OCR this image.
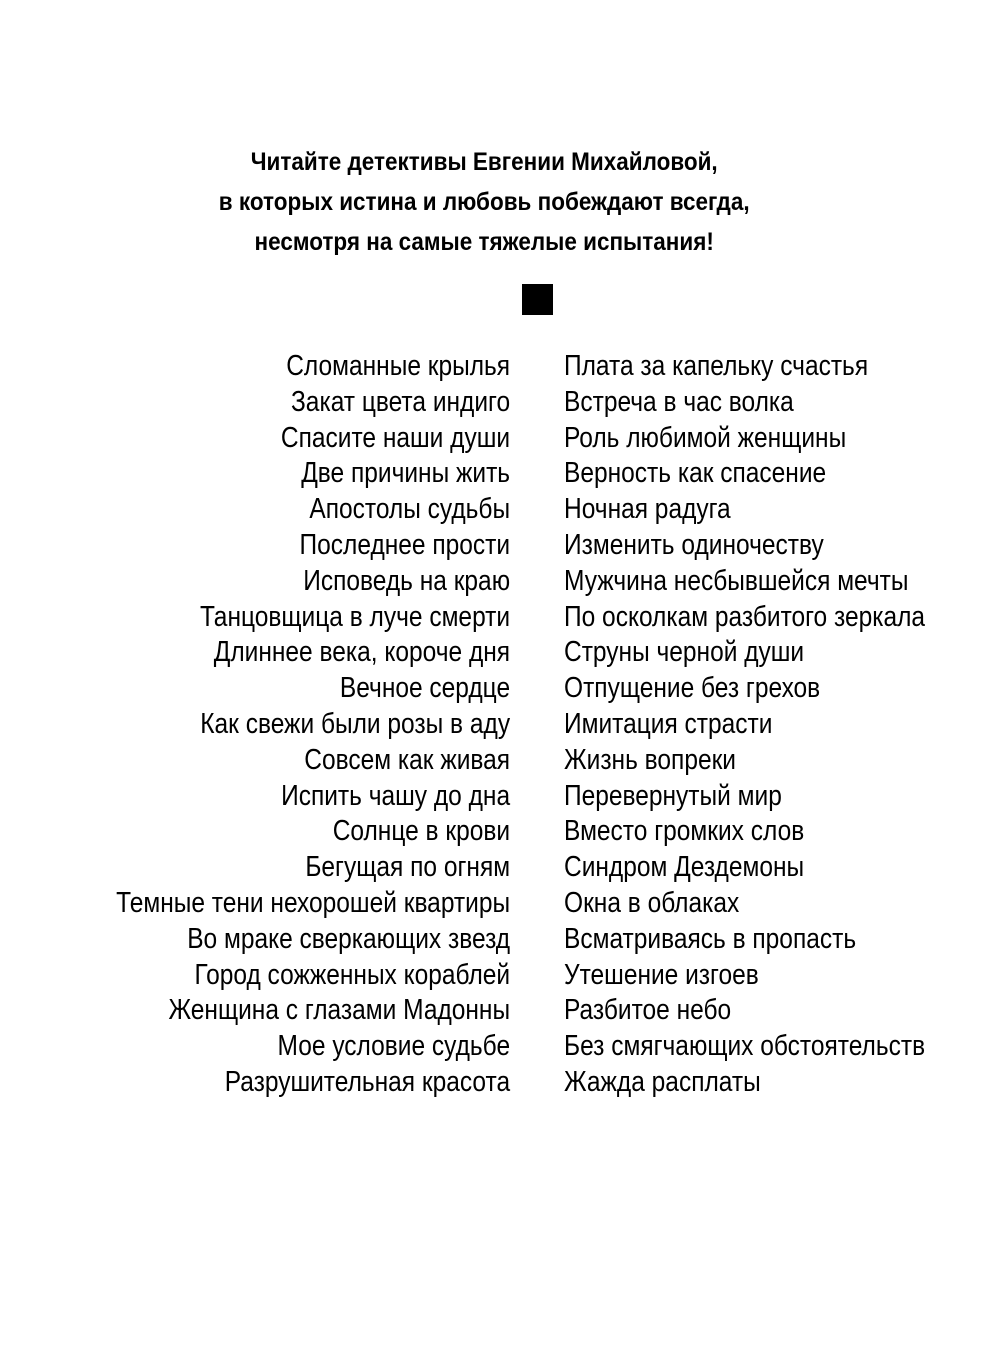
Читайте детективы Евгении Михайловой,
в которых истина и любовь побеждают всегда,
несмотря на самые тяжелые испытания!
Сломанные крылья
Закат цвета индиго
Спасите наши души
Две причины жить
Апостолы судьбы
Последнее прости
Исповедь на краю
Танцовщица в луче смерти
Длиннее века, короче дня
Вечное сердце
Как свежи были розы в аду
Совсем как живая
Испить чашу до дна
Солнце в крови
Бегущая по огням
Темные тени нехорошей квартиры
Во мраке сверкающих звезд
Город сожженных кораблей
Женщина с глазами Мадонны
Мое условие судьбе
Разрушительная красота
Плата за капельку счастья
Встреча в час волка
Роль любимой женщины
Верность как спасение
Ночная радуга
Изменить одиночеству
Мужчина несбывшейся мечты
По осколкам разбитого зеркала
Струны черной души
Отпущение без грехов
Имитация страсти
Жизнь вопреки
Перевернутый мир
Вместо громких слов
Синдром Дездемоны
Окна в облаках
Всматриваясь в пропасть
Утешение изгоев
Разбитое небо
Без смягчающих обстоятельств
Жажда расплаты
